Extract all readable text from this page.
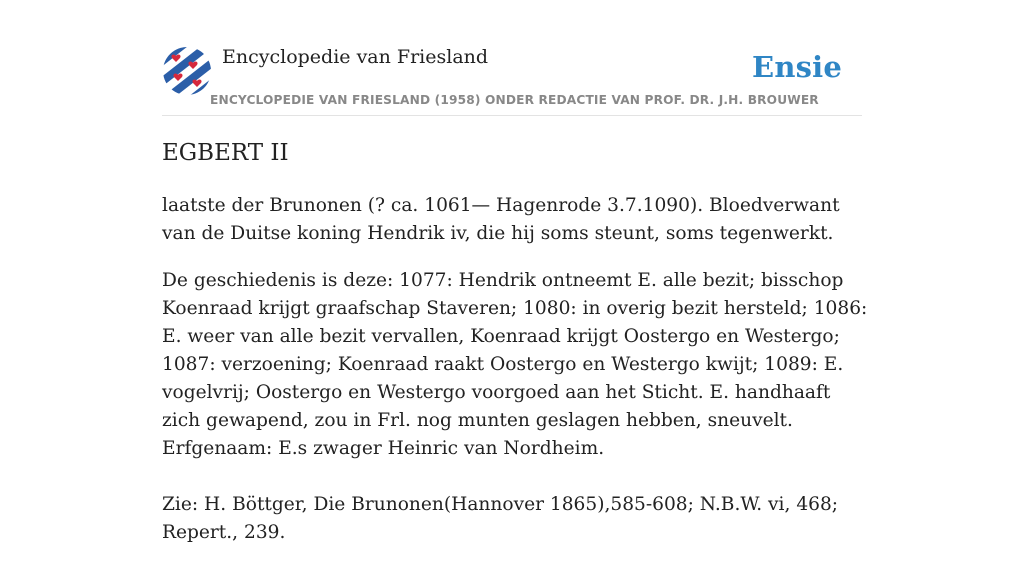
Encyclopedie van Friesland	Ensie
ENCYCLOPEDIE VAN FRIESLAND (1958) ONDER REDACTIE VAN PROF. DR. J.H. BROUWER
EGBERT II

laatste der Brunonen (? ca. 1061— Hagenrode 3.7.1090). Bloedverwant van de Duitse koning Hendrik iv, die hij soms steunt, soms tegenwerkt.

De geschiedenis is deze: 1077: Hendrik ontneemt E. alle bezit; bisschop Koenraad krijgt graafschap Staveren; 1080: in overig bezit hersteld; 1086: E. weer van alle bezit vervallen, Koenraad krijgt Oostergo en Westergo; 1087: verzoening; Koenraad raakt Oostergo en Westergo kwijt; 1089: E. vogelvrij; Oostergo en Westergo voorgoed aan het Sticht. E. handhaaft zich gewapend, zou in Frl. nog munten geslagen hebben, sneuvelt. Erfgenaam: E.s zwager Heinric van Nordheim.

Zie: H. Böttger, Die Brunonen(Hannover 1865),585-608; N.B.W. vi, 468; Repert., 239.
